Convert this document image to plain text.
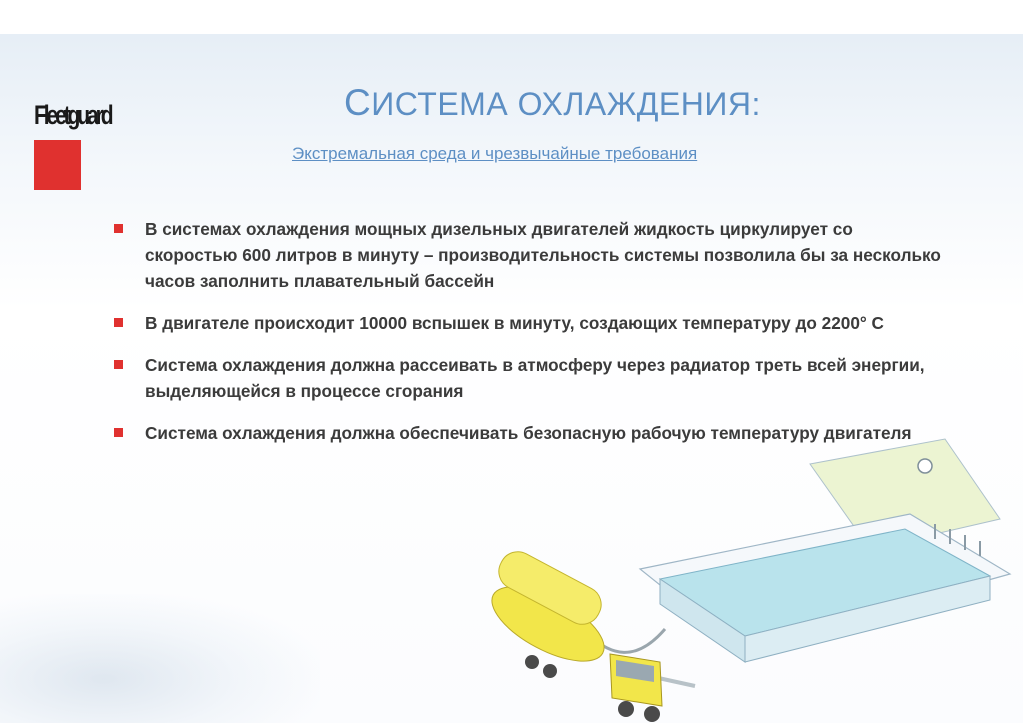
Fleetguard	СИСТЕМА ОХЛАЖДЕНИЯ:
Экстремальная среда и чрезвычайные требования
В системах охлаждения мощных дизельных двигателей жидкость циркулирует со скоростью 600 литров в минуту – производительность системы позволила бы за несколько часов заполнить плавательный бассейн
В двигателе происходит 10000 вспышек в минуту, создающих температуру до 2200° С
Система охлаждения должна рассеивать в атмосферу через радиатор треть всей энергии, выделяющейся в процессе сгорания
Система охлаждения должна обеспечивать безопасную рабочую температуру двигателя
